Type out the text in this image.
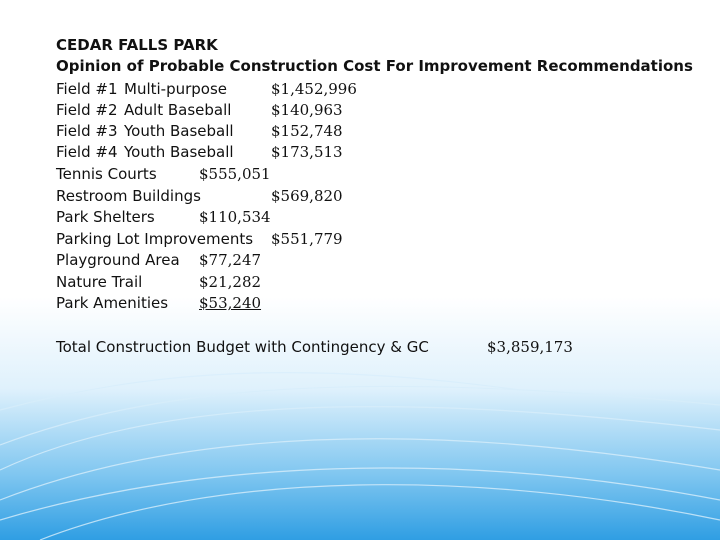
CEDAR FALLS PARK
Opinion of Probable Construction Cost For Improvement Recommendations
Field #1 Multi-purpose	$1,452,996
Field #2 Adult Baseball	$140,963
Field #3 Youth Baseball $152,748
Field #4 Youth Baseball $173,513
Tennis Courts	$555,051
Restroom Buildings	$569,820
Park Shelters	$110,534
Parking Lot Improvements $551,779
Playground Area $77,247
Nature Trail	$21,282
Park Amenities $53,240
Total Construction Budget with Contingency & GC	$3,859,173
